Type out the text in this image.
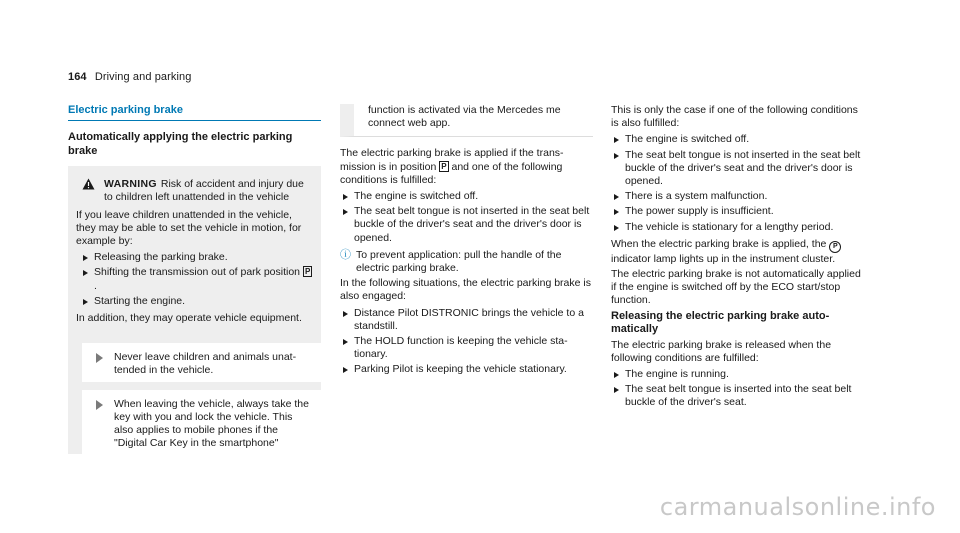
164 Driving and parking
Electric parking brake
Automatically applying the electric parking brake
WARNING Risk of accident and injury due to children left unattended in the vehicle

If you leave children unattended in the vehicle, they may be able to set the vehicle in motion, for example by:

Releasing the parking brake.
Shifting the transmission out of park position P.
Starting the engine.

In addition, they may operate vehicle equipment.

Never leave children and animals unattended in the vehicle.
When leaving the vehicle, always take the key with you and lock the vehicle. This also applies to mobile phones if the "Digital Car Key in the smartphone"
function is activated via the Mercedes me connect web app.

The electric parking brake is applied if the transmission is in position P and one of the following conditions is fulfilled:

The engine is switched off.
The seat belt tongue is not inserted in the seat belt buckle of the driver's seat and the driver's door is opened.
ⓘ To prevent application: pull the handle of the electric parking brake.

In the following situations, the electric parking brake is also engaged:

Distance Pilot DISTRONIC brings the vehicle to a standstill.
The HOLD function is keeping the vehicle stationary.
Parking Pilot is keeping the vehicle stationary.

This is only the case if one of the following conditions is also fulfilled:

The engine is switched off.
The seat belt tongue is not inserted in the seat belt buckle of the driver's seat and the driver's door is opened.
There is a system malfunction.
The power supply is insufficient.
The vehicle is stationary for a lengthy period.

When the electric parking brake is applied, the P indicator lamp lights up in the instrument cluster.

The electric parking brake is not automatically applied if the engine is switched off by the ECO start/stop function.

Releasing the electric parking brake automatically

The electric parking brake is released when the following conditions are fulfilled:

The engine is running.
The seat belt tongue is inserted into the seat belt buckle of the driver's seat.
carmanualsonline.info
